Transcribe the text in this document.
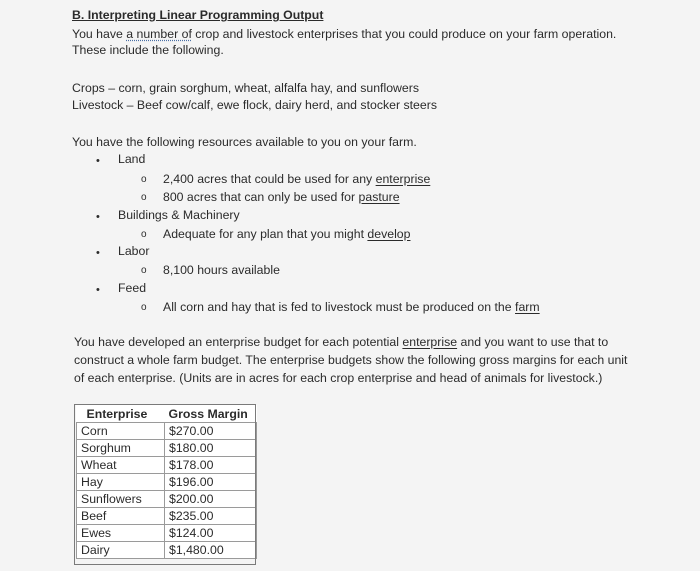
B. Interpreting Linear Programming Output
You have a number of crop and livestock enterprises that you could produce on your farm operation.
These include the following.
Crops – corn, grain sorghum, wheat, alfalfa hay, and sunflowers
Livestock – Beef cow/calf, ewe flock, dairy herd, and stocker steers
You have the following resources available to you on your farm.
• Land
o 2,400 acres that could be used for any enterprise
o 800 acres that can only be used for pasture
• Buildings & Machinery
o Adequate for any plan that you might develop
• Labor
o 8,100 hours available
• Feed
o All corn and hay that is fed to livestock must be produced on the farm
You have developed an enterprise budget for each potential enterprise and you want to use that to
construct a whole farm budget. The enterprise budgets show the following gross margins for each unit
of each enterprise. (Units are in acres for each crop enterprise and head of animals for livestock.)
Enterprise	Gross Margin
Corn	$270.00
Sorghum	$180.00
Wheat	$178.00
Hay	$196.00
Sunflowers	$200.00
Beef	$235.00
Ewes	$124.00
Dairy	$1,480.00
